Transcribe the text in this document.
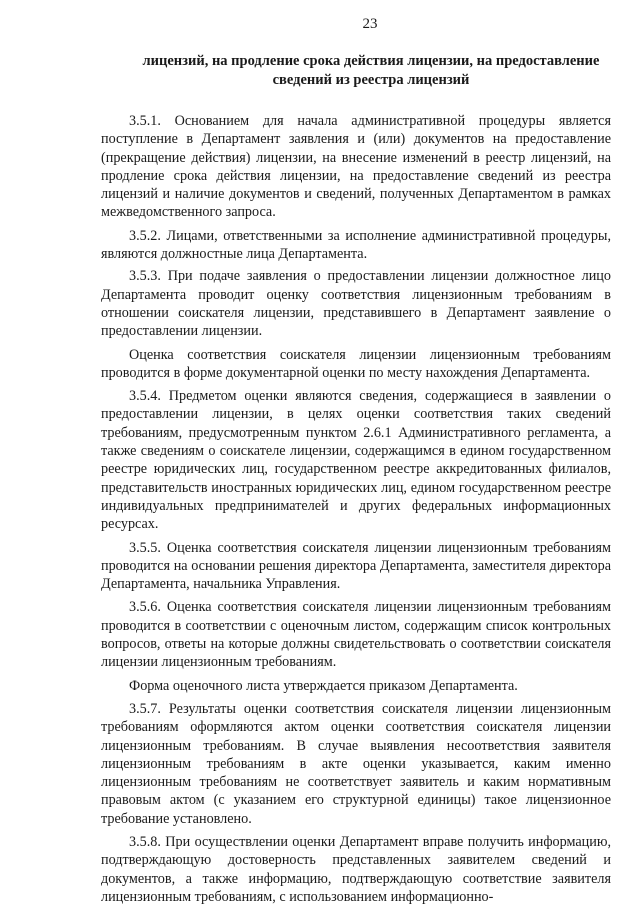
23
лицензий, на продление срока действия лицензии, на предоставление сведений из реестра лицензий

3.5.1. Основанием для начала административной процедуры является поступление в Департамент заявления и (или) документов на предоставление (прекращение действия) лицензии, на внесение изменений в реестр лицензий, на продление срока действия лицензии, на предоставление сведений из реестра лицензий и наличие документов и сведений, полученных Департаментом в рамках межведомственного запроса.

3.5.2. Лицами, ответственными за исполнение административной процедуры, являются должностные лица Департамента.

3.5.3. При подаче заявления о предоставлении лицензии должностное лицо Департамента проводит оценку соответствия лицензионным требованиям в отношении соискателя лицензии, представившего в Департамент заявление о предоставлении лицензии.

Оценка соответствия соискателя лицензии лицензионным требованиям проводится в форме документарной оценки по месту нахождения Департамента.

3.5.4. Предметом оценки являются сведения, содержащиеся в заявлении о предоставлении лицензии, в целях оценки соответствия таких сведений требованиям, предусмотренным пунктом 2.6.1 Административного регламента, а также сведениям о соискателе лицензии, содержащимся в едином государственном реестре юридических лиц, государственном реестре аккредитованных филиалов, представительств иностранных юридических лиц, едином государственном реестре индивидуальных предпринимателей и других федеральных информационных ресурсах.

3.5.5. Оценка соответствия соискателя лицензии лицензионным требованиям проводится на основании решения директора Департамента, заместителя директора Департамента, начальника Управления.

3.5.6. Оценка соответствия соискателя лицензии лицензионным требованиям проводится в соответствии с оценочным листом, содержащим список контрольных вопросов, ответы на которые должны свидетельствовать о соответствии соискателя лицензии лицензионным требованиям.

Форма оценочного листа утверждается приказом Департамента.

3.5.7. Результаты оценки соответствия соискателя лицензии лицензионным требованиям оформляются актом оценки соответствия соискателя лицензии лицензионным требованиям. В случае выявления несоответствия заявителя лицензионным требованиям в акте оценки указывается, каким именно лицензионным требованиям не соответствует заявитель и каким нормативным правовым актом (с указанием его структурной единицы) такое лицензионное требование установлено.

3.5.8. При осуществлении оценки Департамент вправе получить информацию, подтверждающую достоверность представленных заявителем сведений и документов, а также информацию, подтверждающую соответствие заявителя лицензионным требованиям, с использованием информационно-
